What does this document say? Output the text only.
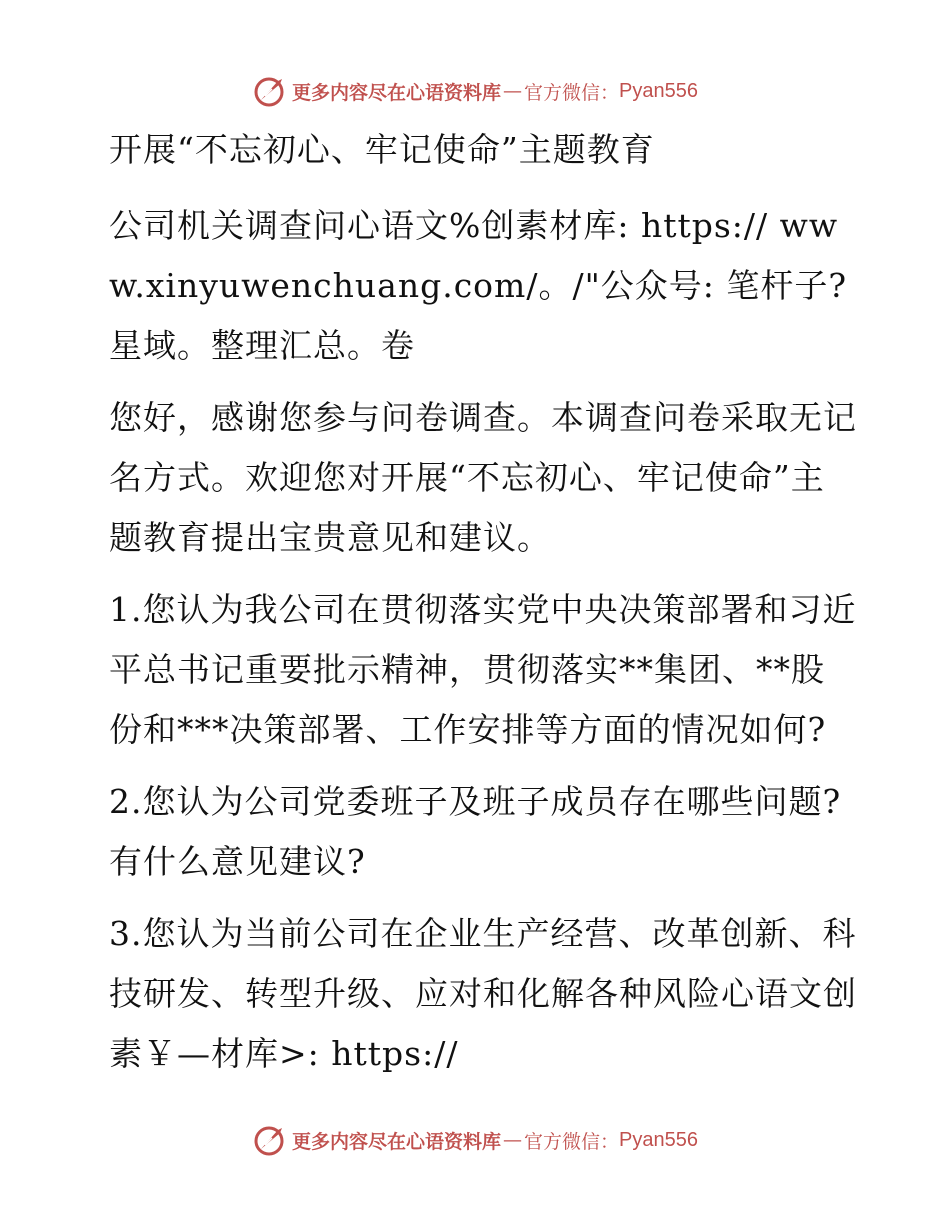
更多内容尽在心语资料库 — 官方微信： Pyan556

开展“不忘初心、牢记使命”主题教育

公司机关调查问心语文%创素材库: https:// www.xinyuwenchuang.com/。/"公众号: 笔杆子?星域。整理汇总。卷

您好，感谢您参与问卷调查。本调查问卷采取无记名方式。欢迎您对开展“不忘初心、牢记使命”主题教育提出宝贵意见和建议。

1.您认为我公司在贯彻落实党中央决策部署和习近平总书记重要批示精神，贯彻落实**集团、**股份和***决策部署、工作安排等方面的情况如何?

2.您认为公司党委班子及班子成员存在哪些问题? 有什么意见建议?

3.您认为当前公司在企业生产经营、改革创新、科技研发、转型升级、应对和化解各种风险心语文创素￥—材库>: https://

更多内容尽在心语资料库 — 官方微信： Pyan556
